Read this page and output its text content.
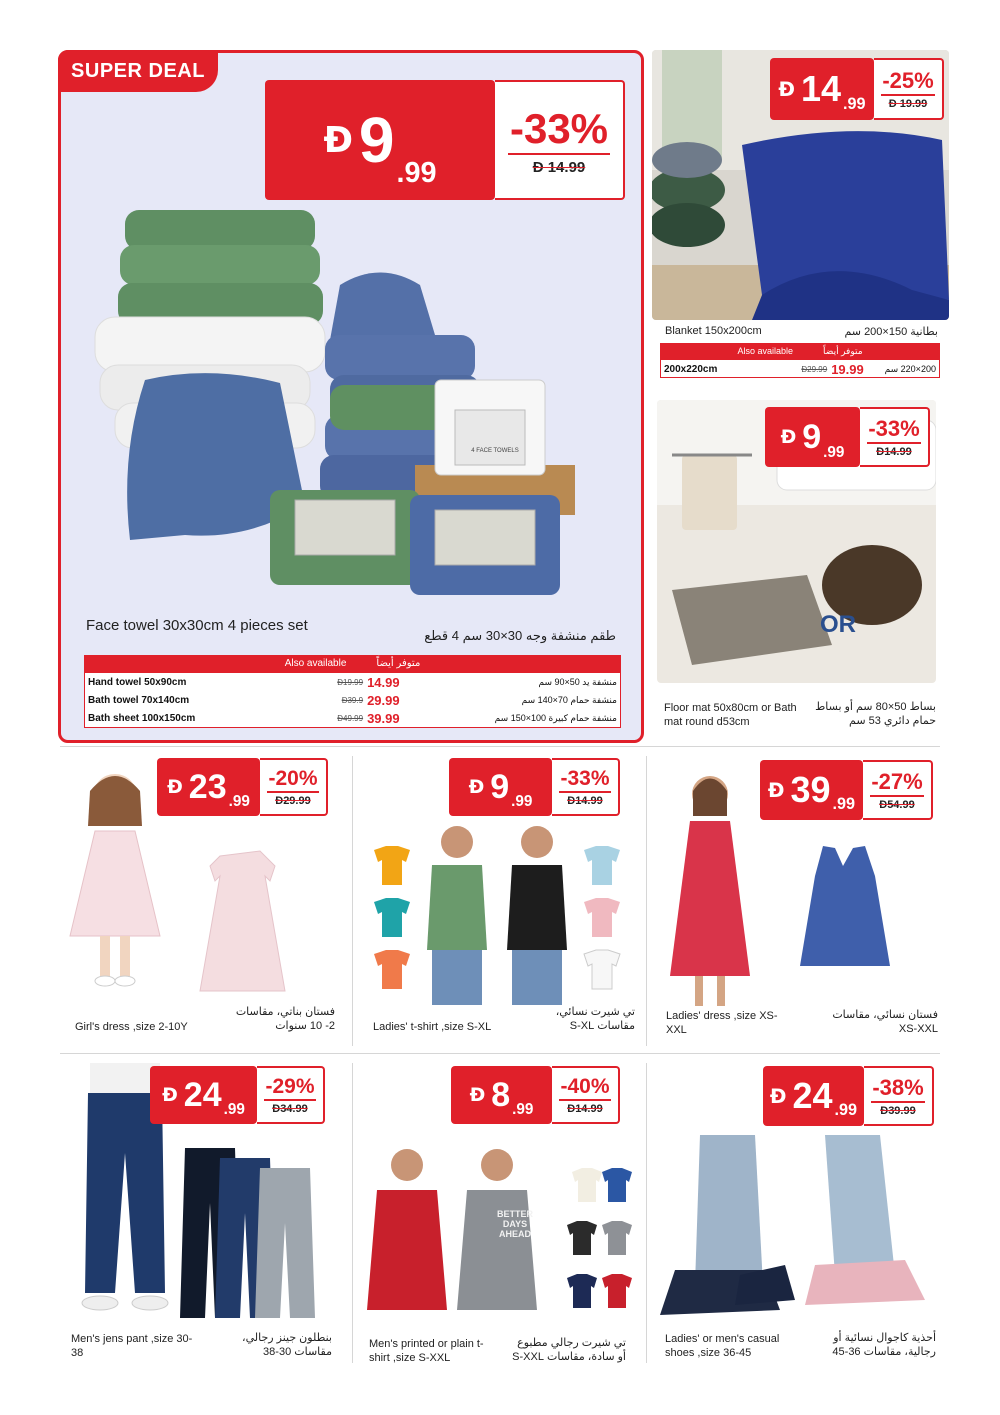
SUPER DEAL
Ð 9 .99
-33%
Ð 14.99
4 FACE TOWELS
Face towel 30x30cm 4 pieces set
طقم منشفة وجه 30×30 سم 4 قطع
Also available	متوفر أيضاً
Hand towel 50x90cm	Ð19.99 14.99	منشفة يد 50×90 سم
Bath towel 70x140cm	Ð39.9 29.99	منشفة حمام 70×140 سم
Bath sheet 100x150cm	Ð49.99 39.99	منشفة حمام كبيرة 100×150 سم
Ð 14 .99
-25%
Ð 19.99
Blanket 150x200cm	بطانية 150×200 سم
Also available	متوفر أيضاً
200x220cm	Ð29.99 19.99	200×220 سم
Ð 9 .99
-33%
Ð14.99
OR
Floor mat 50x80cm or Bath mat round d53cm
بساط 50×80 سم أو بساط حمام دائري 53 سم
Ð 23 .99
-20%
Ð29.99
Girl's dress ,size 2-10Y
فستان بناتي، مقاسات 2- 10 سنوات
Ð 9 .99
-33%
Ð14.99
Ladies' t-shirt ,size S-XL
تي شيرت نسائي، مقاسات S-XL
Ð 39 .99
-27%
Ð54.99
Ladies' dress ,size XS-XXL
فستان نسائي، مقاسات XS-XXL
Ð 24 .99
-29%
Ð34.99
Men's jens pant ,size 30-38
بنطلون جينز رجالي، مقاسات 30-38
BETTER DAYS AHEAD
Ð 8 .99
-40%
Ð14.99
Men's printed or plain t-shirt ,size S-XXL
تي شيرت رجالي مطبوع أو سادة، مقاسات S-XXL
Ð 24 .99
-38%
Ð39.99
Ladies' or men's casual shoes ,size 36-45
أحذية كاجوال نسائية أو رجالية، مقاسات 36-45
